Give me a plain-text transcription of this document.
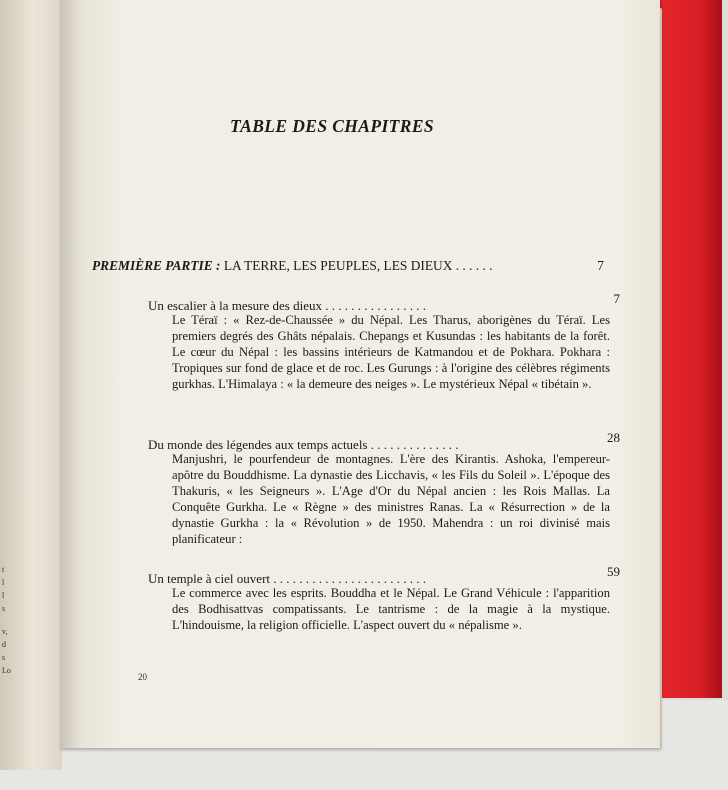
t
l
l
s
v,
d
s
Lo
TABLE DES CHAPITRES
PREMIÈRE PARTIE : LA TERRE, LES PEUPLES, LES DIEUX . . . . . .	7
Un escalier à la mesure des dieux . . . . . . . . . . . . . . . .	7
Le Téraï : « Rez-de-Chaussée » du Népal. Les Tharus, aborigènes du Téraï. Les premiers degrés des Ghâts népalais. Chepangs et Kusundas : les habitants de la forêt. Le cœur du Népal : les bassins intérieurs de Katmandou et de Pokhara. Pokhara : Tropiques sur fond de glace et de roc. Les Gurungs : à l'origine des célèbres régiments gurkhas. L'Himalaya : « la demeure des neiges ». Le mystérieux Népal « tibétain ».
Du monde des légendes aux temps actuels . . . . . . . . . . . . . .	28
Manjushri, le pourfendeur de montagnes. L'ère des Kirantis. Ashoka, l'empereur-apôtre du Bouddhisme. La dynastie des Licchavis, « les Fils du Soleil ». L'époque des Thakuris, « les Seigneurs ». L'Age d'Or du Népal ancien : les Rois Mallas. La Conquête Gurkha. Le « Règne » des ministres Ranas. La « Résurrection » de la dynastie Gurkha : la « Révolution » de 1950. Mahendra : un roi divinisé mais planificateur :
Un temple à ciel ouvert . . . . . . . . . . . . . . . . . . . . . . . .	59
Le commerce avec les esprits. Bouddha et le Népal. Le Grand Véhicule : l'apparition des Bodhisattvas compatissants. Le tantrisme : de la magie à la mystique. L'hindouisme, la religion officielle. L'aspect ouvert du « népalisme ».
20
